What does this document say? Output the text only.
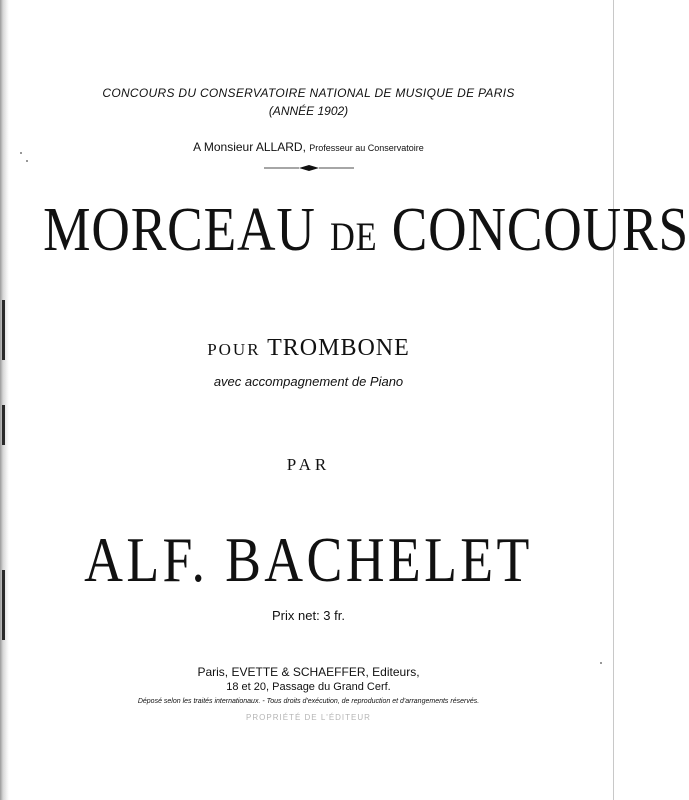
CONCOURS DU CONSERVATOIRE NATIONAL DE MUSIQUE DE PARIS
(ANNÉE 1902)
A Monsieur ALLARD, Professeur au Conservatoire
MORCEAU DE CONCOURS
POUR TROMBONE
avec accompagnement de Piano
PAR
ALF. BACHELET
Prix net: 3 fr.
Paris, EVETTE & SCHAEFFER, Editeurs,
18 et 20, Passage du Grand Cerf.
Déposé selon les traités internationaux. - Tous droits d'exécution, de reproduction et d'arrangements réservés.
PROPRIÉTÉ DE L'ÉDITEUR
